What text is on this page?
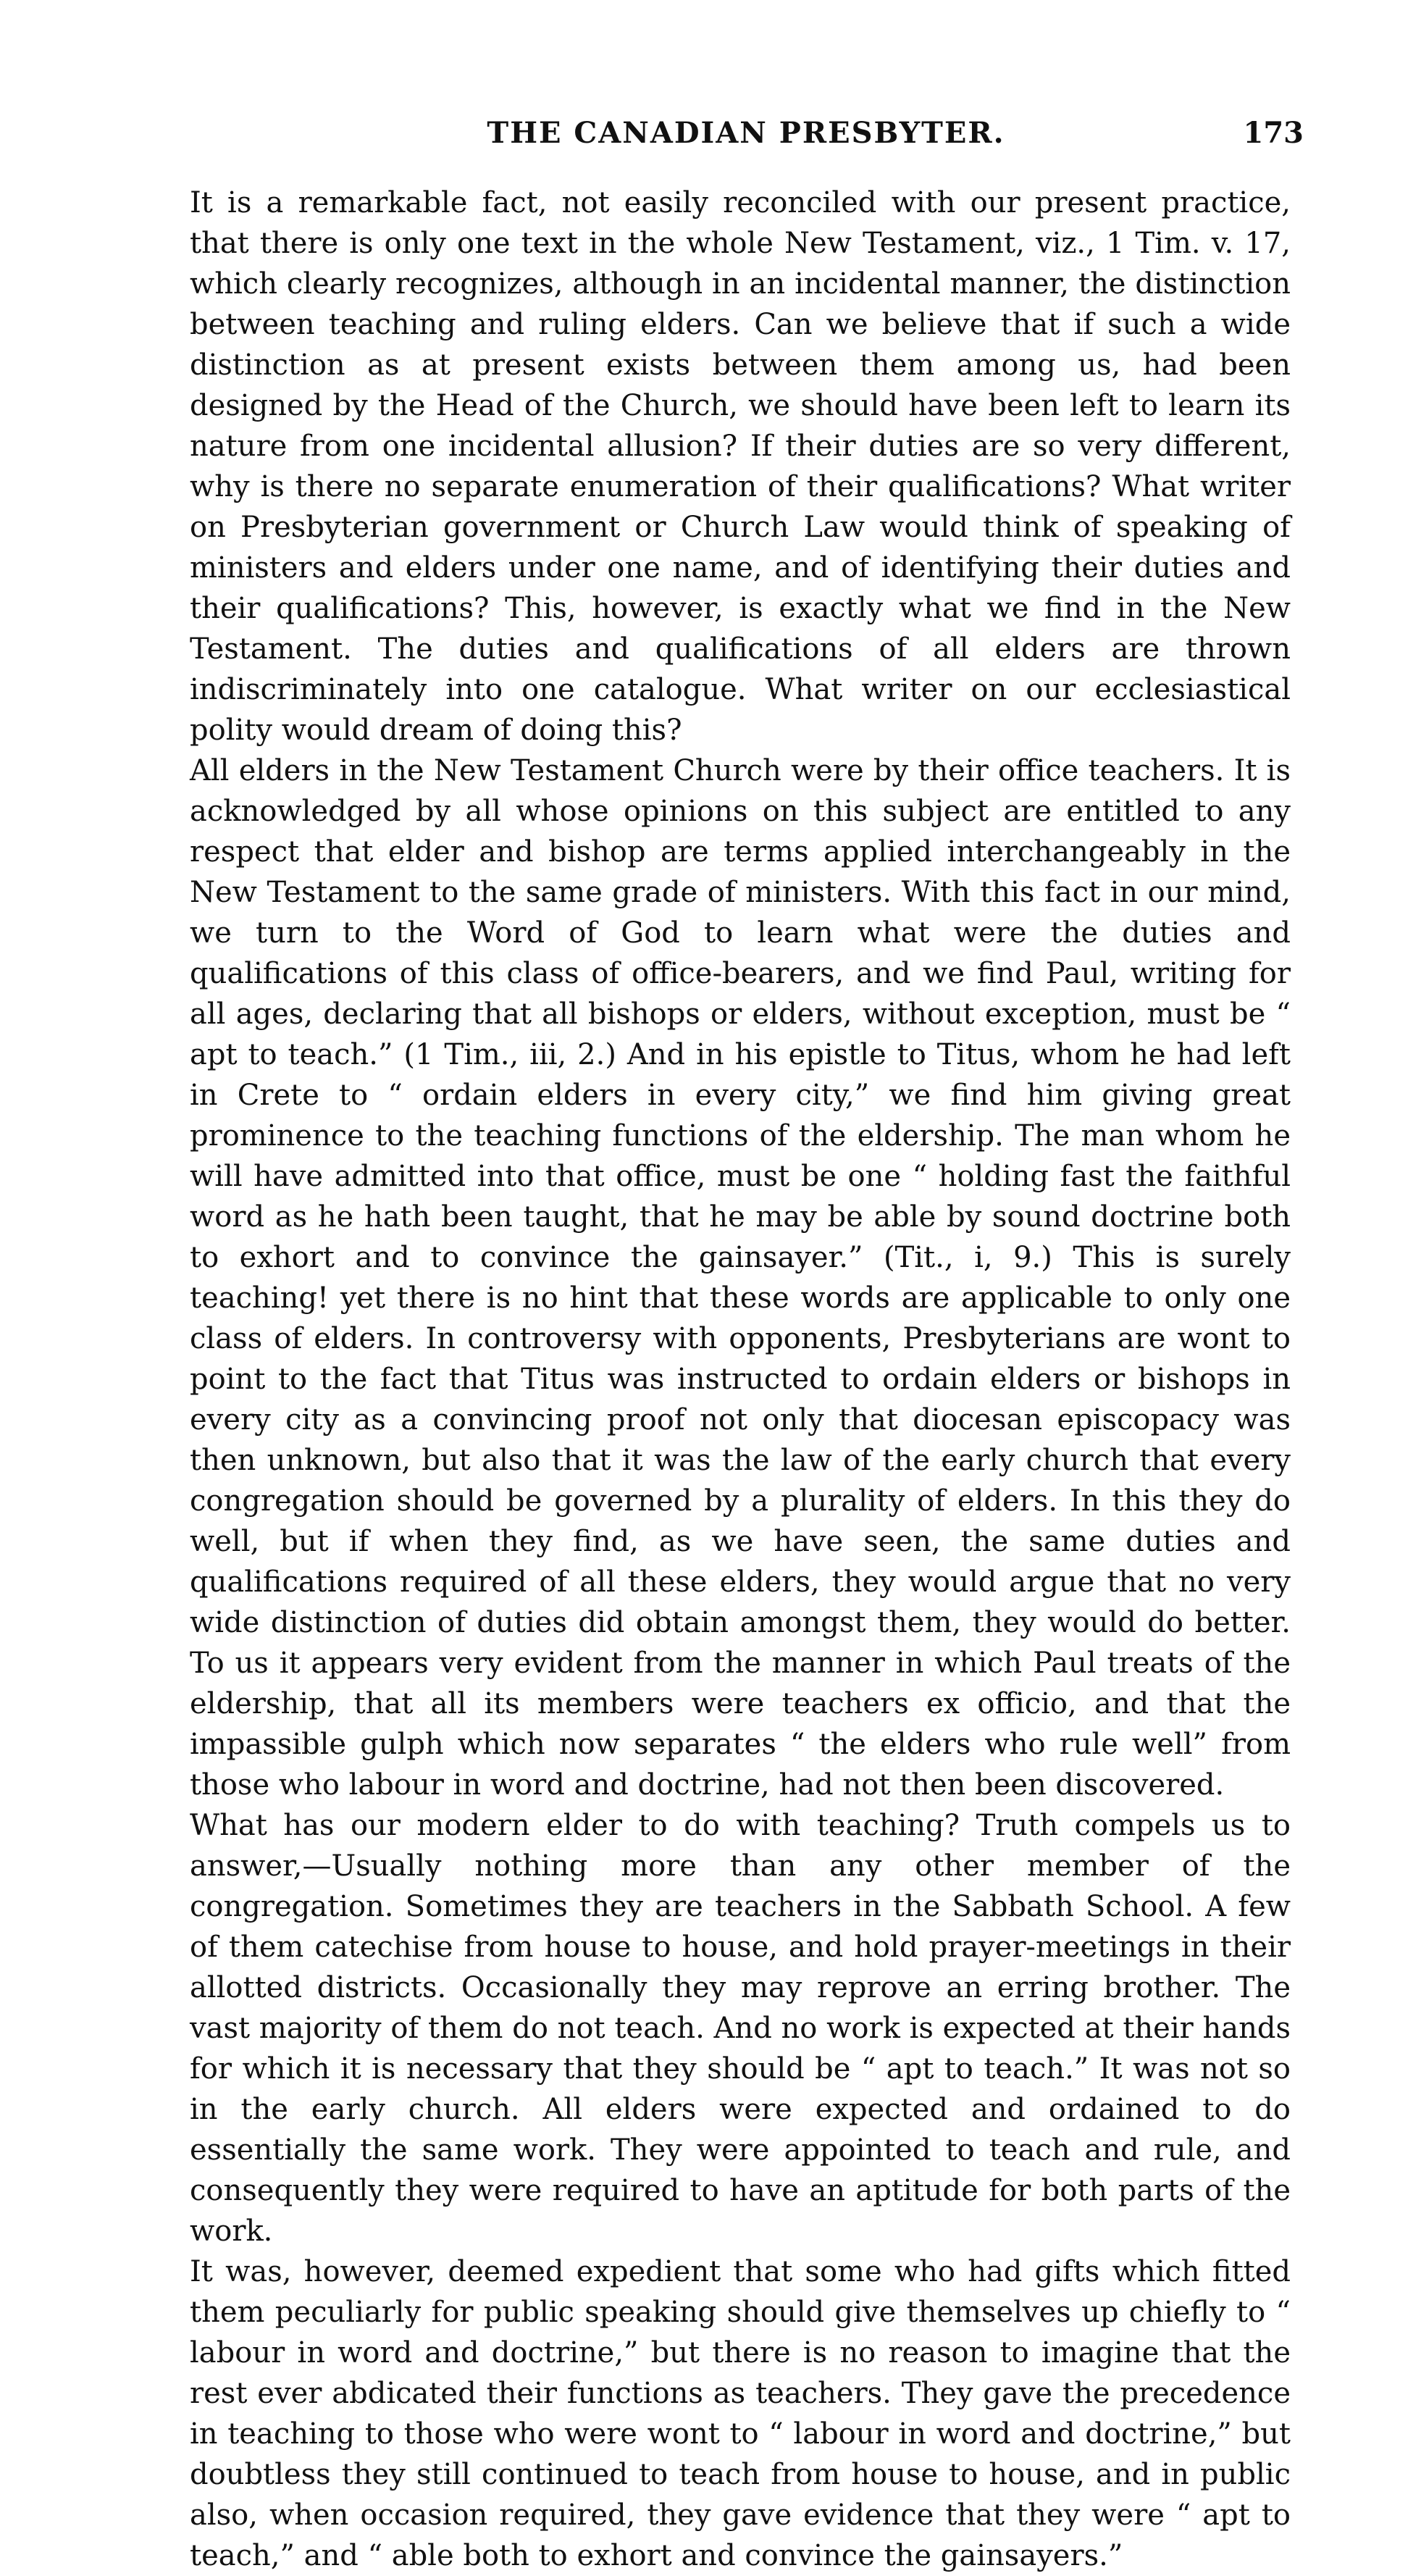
THE CANADIAN PRESBYTER.	173

It is a remarkable fact, not easily reconciled with our present practice, that there is only one text in the whole New Testament, viz., 1 Tim. v. 17, which clearly recognizes, although in an incidental manner, the distinction between teaching and ruling elders. Can we believe that if such a wide distinction as at present exists between them among us, had been designed by the Head of the Church, we should have been left to learn its nature from one incidental allusion? If their duties are so very different, why is there no separate enumeration of their qualifications? What writer on Presbyterian government or Church Law would think of speaking of ministers and elders under one name, and of identifying their duties and their qualifications? This, however, is exactly what we find in the New Testament. The duties and qualifications of all elders are thrown indiscriminately into one catalogue. What writer on our ecclesiastical polity would dream of doing this?

All elders in the New Testament Church were by their office teachers. It is acknowledged by all whose opinions on this subject are entitled to any respect that elder and bishop are terms applied interchangeably in the New Testament to the same grade of ministers. With this fact in our mind, we turn to the Word of God to learn what were the duties and qualifications of this class of office-bearers, and we find Paul, writing for all ages, declaring that all bishops or elders, without exception, must be “ apt to teach.” (1 Tim., iii, 2.) And in his epistle to Titus, whom he had left in Crete to “ ordain elders in every city,” we find him giving great prominence to the teaching functions of the eldership. The man whom he will have admitted into that office, must be one “ holding fast the faithful word as he hath been taught, that he may be able by sound doctrine both to exhort and to convince the gainsayer.” (Tit., i, 9.) This is surely teaching! yet there is no hint that these words are applicable to only one class of elders. In controversy with opponents, Presbyterians are wont to point to the fact that Titus was instructed to ordain elders or bishops in every city as a convincing proof not only that diocesan episcopacy was then unknown, but also that it was the law of the early church that every congregation should be governed by a plurality of elders. In this they do well, but if when they find, as we have seen, the same duties and qualifications required of all these elders, they would argue that no very wide distinction of duties did obtain amongst them, they would do better. To us it appears very evident from the manner in which Paul treats of the eldership, that all its members were teachers ex officio, and that the impassible gulph which now separates “ the elders who rule well” from those who labour in word and doctrine, had not then been discovered.

What has our modern elder to do with teaching? Truth compels us to answer,—Usually nothing more than any other member of the congregation. Sometimes they are teachers in the Sabbath School. A few of them catechise from house to house, and hold prayer-meetings in their allotted districts. Occasionally they may reprove an erring brother. The vast majority of them do not teach. And no work is expected at their hands for which it is necessary that they should be “ apt to teach.” It was not so in the early church. All elders were expected and ordained to do essentially the same work. They were appointed to teach and rule, and consequently they were required to have an aptitude for both parts of the work.

It was, however, deemed expedient that some who had gifts which fitted them peculiarly for public speaking should give themselves up chiefly to “ labour in word and doctrine,” but there is no reason to imagine that the rest ever abdicated their functions as teachers. They gave the precedence in teaching to those who were wont to “ labour in word and doctrine,” but doubtless they still continued to teach from house to house, and in public also, when occasion required, they gave evidence that they were “ apt to teach,” and “ able both to exhort and convince the gainsayers.”
